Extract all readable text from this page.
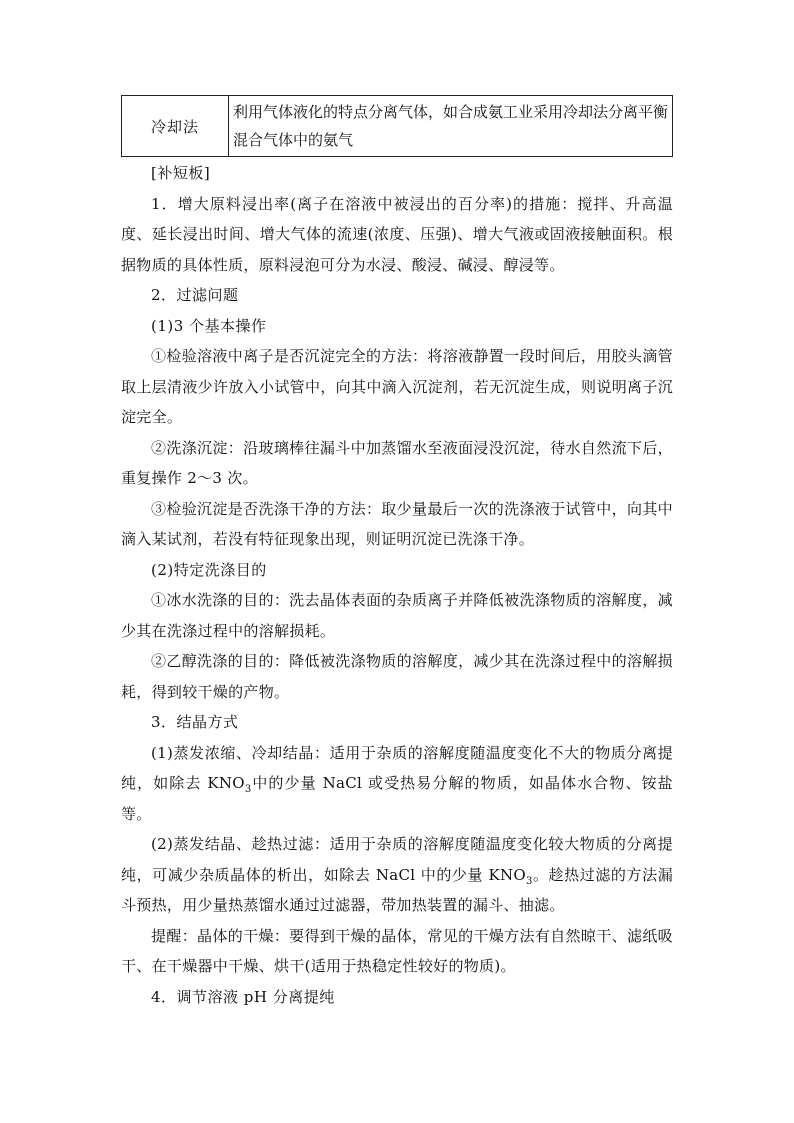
冷却法	利用气体液化的特点分离气体，如合成氨工业采用冷却法分离平衡混合气体中的氨气

[补短板]

1．增大原料浸出率(离子在溶液中被浸出的百分率)的措施：搅拌、升高温度、延长浸出时间、增大气体的流速(浓度、压强)、增大气液或固液接触面积。根据物质的具体性质，原料浸泡可分为水浸、酸浸、碱浸、醇浸等。

2．过滤问题

(1)3 个基本操作

①检验溶液中离子是否沉淀完全的方法：将溶液静置一段时间后，用胶头滴管取上层清液少许放入小试管中，向其中滴入沉淀剂，若无沉淀生成，则说明离子沉淀完全。

②洗涤沉淀：沿玻璃棒往漏斗中加蒸馏水至液面浸没沉淀，待水自然流下后，重复操作 2～3 次。

③检验沉淀是否洗涤干净的方法：取少量最后一次的洗涤液于试管中，向其中滴入某试剂，若没有特征现象出现，则证明沉淀已洗涤干净。

(2)特定洗涤目的

①冰水洗涤的目的：洗去晶体表面的杂质离子并降低被洗涤物质的溶解度，减少其在洗涤过程中的溶解损耗。

②乙醇洗涤的目的：降低被洗涤物质的溶解度，减少其在洗涤过程中的溶解损耗，得到较干燥的产物。

3．结晶方式

(1)蒸发浓缩、冷却结晶：适用于杂质的溶解度随温度变化不大的物质分离提纯，如除去 $KNO_3$中的少量 NaCl 或受热易分解的物质，如晶体水合物、铵盐等。

(2)蒸发结晶、趁热过滤：适用于杂质的溶解度随温度变化较大物质的分离提纯，可减少杂质晶体的析出，如除去 NaCl 中的少量 $KNO_3$。趁热过滤的方法漏斗预热，用少量热蒸馏水通过过滤器，带加热装置的漏斗、抽滤。

提醒：晶体的干燥：要得到干燥的晶体，常见的干燥方法有自然晾干、滤纸吸干、在干燥器中干燥、烘干(适用于热稳定性较好的物质)。

4．调节溶液 pH 分离提纯
